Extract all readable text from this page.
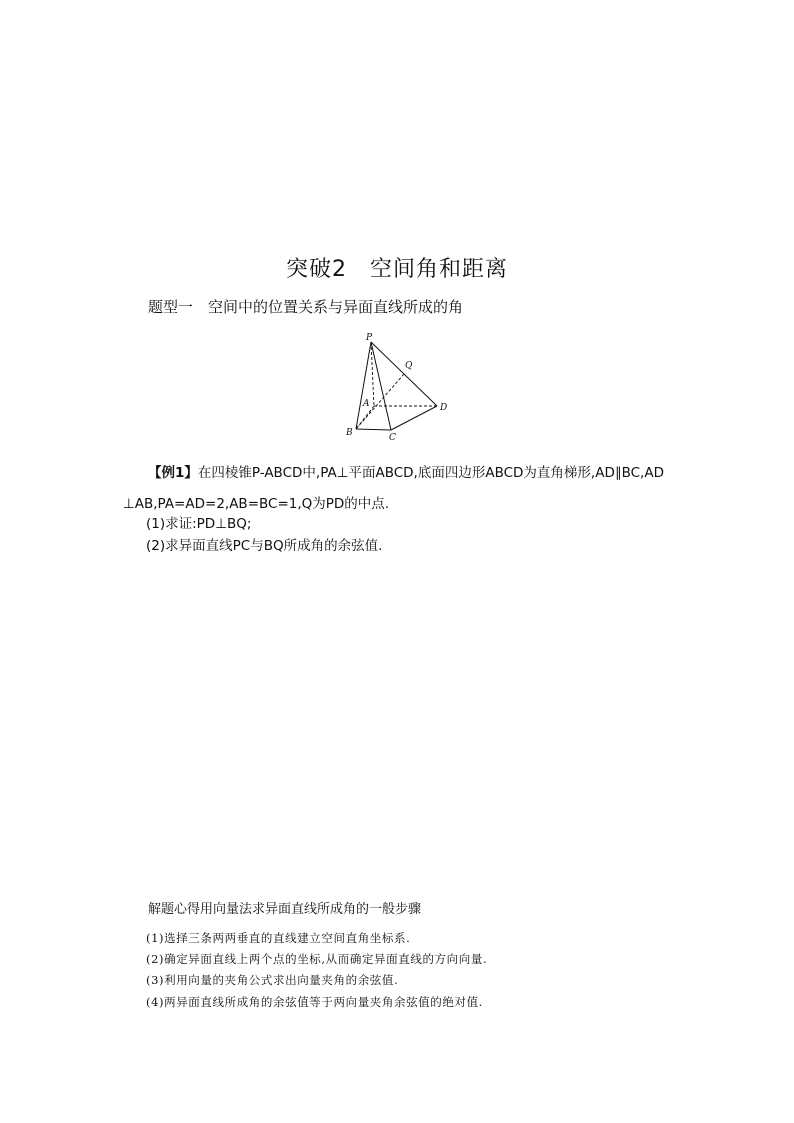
突破2　空间角和距离
题型一　空间中的位置关系与异面直线所成的角
P
Q
A	D
B	C
【例1】在四棱锥P-ABCD中,PA⊥平面ABCD,底面四边形ABCD为直角梯形,AD∥BC,AD
⊥AB,PA=AD=2,AB=BC=1,Q为PD的中点.
(1)求证:PD⊥BQ;
(2)求异面直线PC与BQ所成角的余弦值.
解题心得用向量法求异面直线所成角的一般步骤
(1)选择三条两两垂直的直线建立空间直角坐标系.
(2)确定异面直线上两个点的坐标,从而确定异面直线的方向向量.
(3)利用向量的夹角公式求出向量夹角的余弦值.
(4)两异面直线所成角的余弦值等于两向量夹角余弦值的绝对值.
